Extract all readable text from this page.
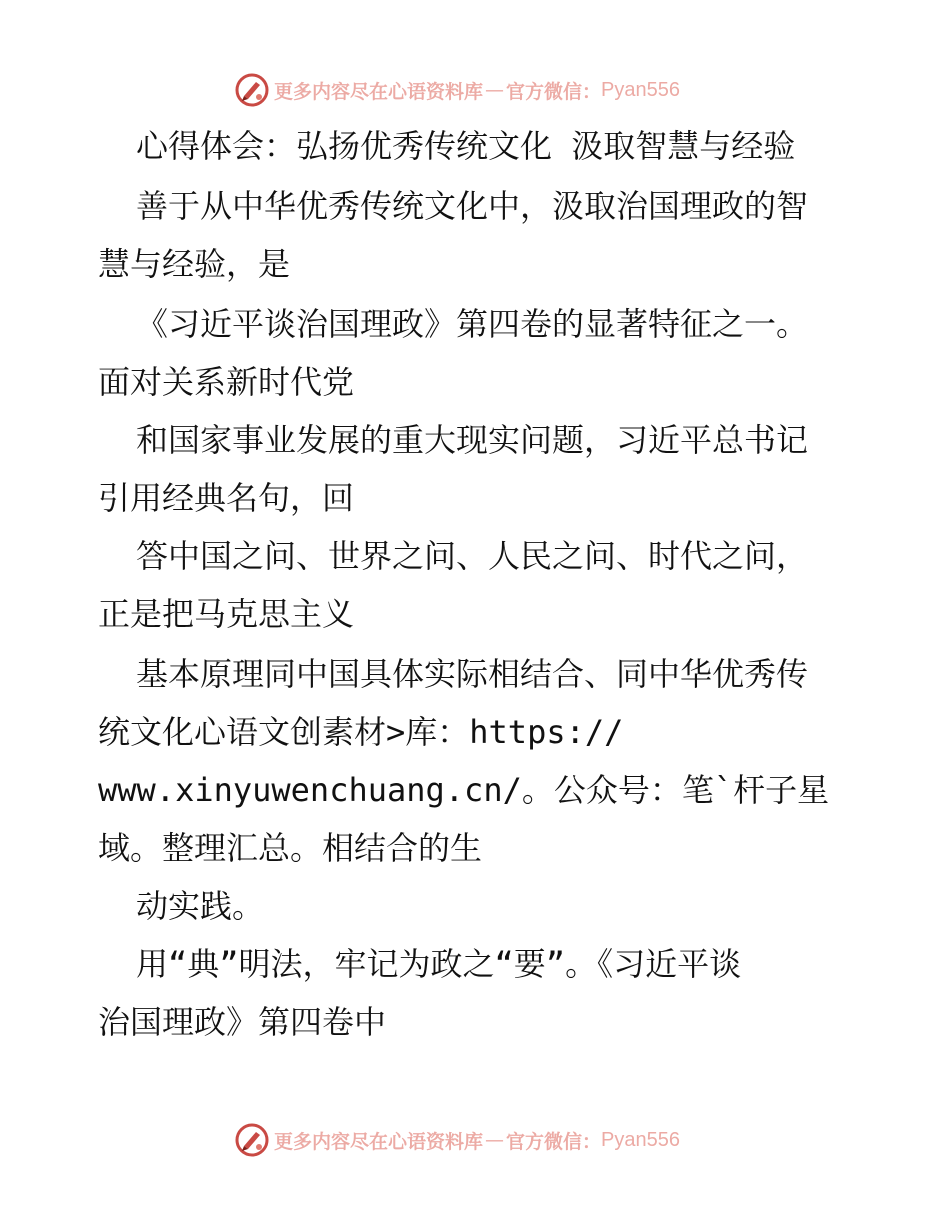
更多内容尽在心语资料库 — 官方微信： Pyan556
心得体会：弘扬优秀传统文化 汲取智慧与经验
善于从中华优秀传统文化中，汲取治国理政的智
慧与经验，是
《习近平谈治国理政》第四卷的显著特征之一。
面对关系新时代党
和国家事业发展的重大现实问题，习近平总书记
引用经典名句，回
答中国之问、世界之问、人民之问、时代之问，
正是把马克思主义
基本原理同中国具体实际相结合、同中华优秀传
统文化心语文创素材>库：https://
www.xinyuwenchuang.cn/。公众号：笔`杆子星
域。整理汇总。相结合的生
动实践。
用“典”明法，牢记为政之“要”。《习近平谈
治国理政》第四卷中
更多内容尽在心语资料库 — 官方微信： Pyan556
